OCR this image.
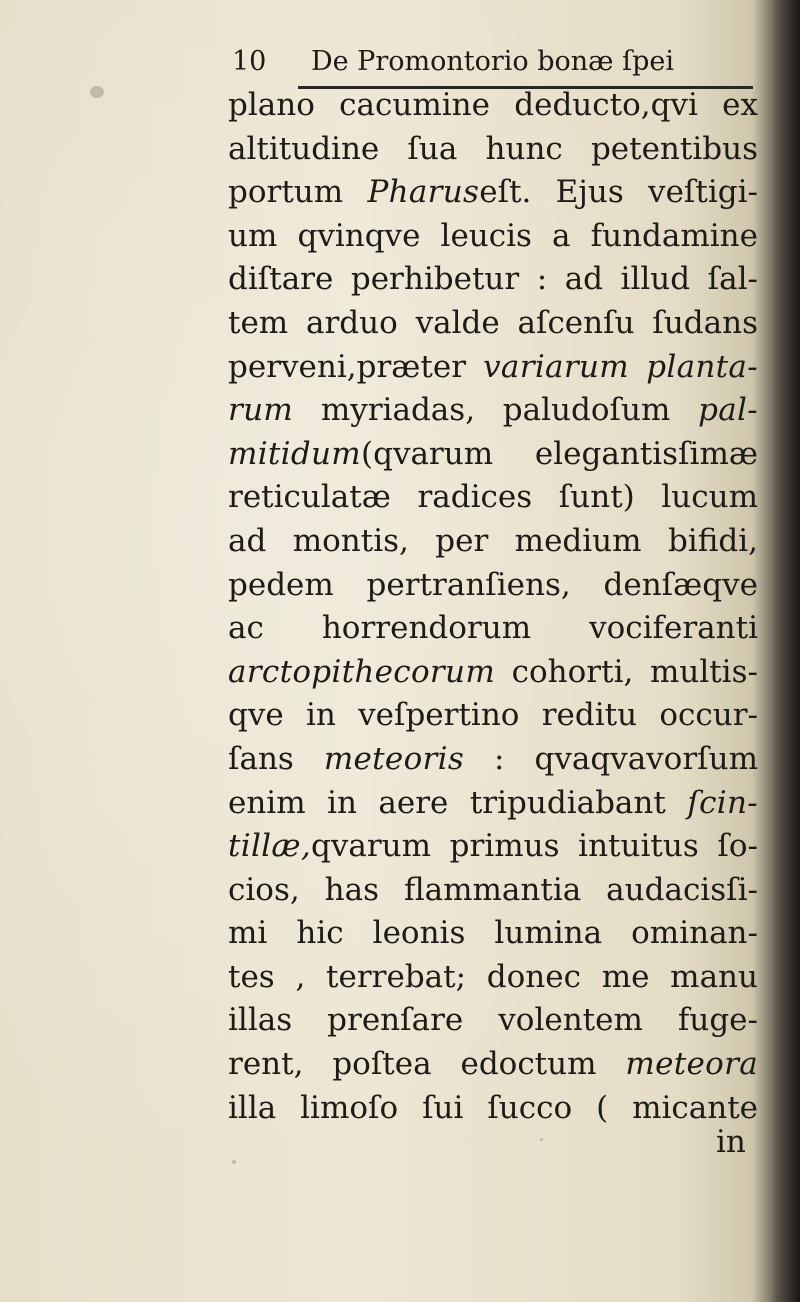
10 De Promontorio bonæ ſpei
plano cacumine deducto,qvi ex
altitudine ſua hunc petentibus
portum Pharuseſt. Ejus veſtigi-
um qvinqve leucis a fundamine
diſtare perhibetur : ad illud ſal-
tem arduo valde aſcenſu ſudans
perveni,præter variarum planta-
rum myriadas, paludoſum pal-
mitidum(qvarum elegantisſimæ
reticulatæ radices ſunt) lucum
ad montis, per medium bifidi,
pedem pertranſiens, denſæqve
ac horrendorum vociferanti
arctopithecorum cohorti, multis-
qve in veſpertino reditu occur-
ſans meteoris : qvaqvavorſum
enim in aere tripudiabant ſcin-
tillæ,qvarum primus intuitus ſo-
cios, has flammantia audacisſi-
mi hic leonis lumina ominan-
tes , terrebat; donec me manu
illas prenſare volentem fuge-
rent, poſtea edoctum meteora
illa limoſo ſui ſucco ( micante
in
